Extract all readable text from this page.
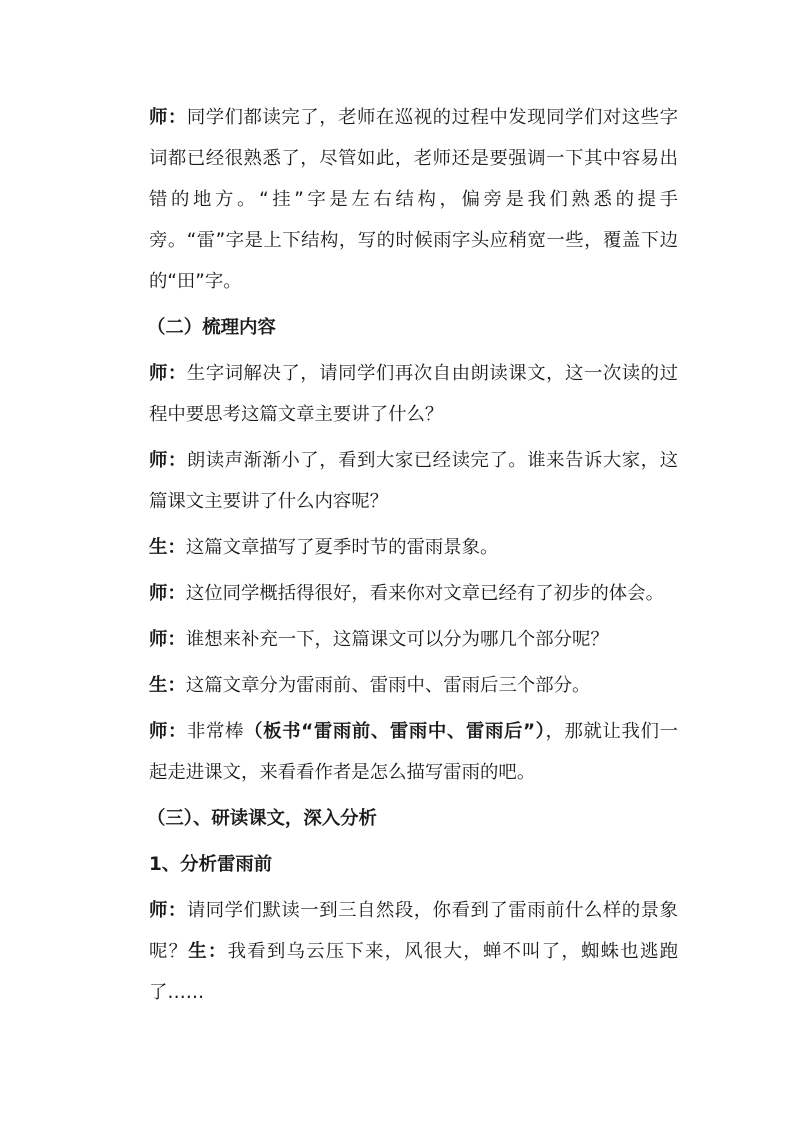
师：同学们都读完了，老师在巡视的过程中发现同学们对这些字词都已经很熟悉了，尽管如此，老师还是要强调一下其中容易出错的地方。“挂”字是左右结构，偏旁是我们熟悉的提手旁。“雷”字是上下结构，写的时候雨字头应稍宽一些，覆盖下边的“田”字。

（二）梳理内容

师：生字词解决了，请同学们再次自由朗读课文，这一次读的过程中要思考这篇文章主要讲了什么？

师：朗读声渐渐小了，看到大家已经读完了。谁来告诉大家，这篇课文主要讲了什么内容呢？

生：这篇文章描写了夏季时节的雷雨景象。

师：这位同学概括得很好，看来你对文章已经有了初步的体会。

师：谁想来补充一下，这篇课文可以分为哪几个部分呢？

生：这篇文章分为雷雨前、雷雨中、雷雨后三个部分。

师：非常棒（板书“雷雨前、雷雨中、雷雨后”），那就让我们一起走进课文，来看看作者是怎么描写雷雨的吧。

（三）、研读课文，深入分析

1、分析雷雨前

师：请同学们默读一到三自然段，你看到了雷雨前什么样的景象呢？生：我看到乌云压下来，风很大，蝉不叫了，蜘蛛也逃跑了……
